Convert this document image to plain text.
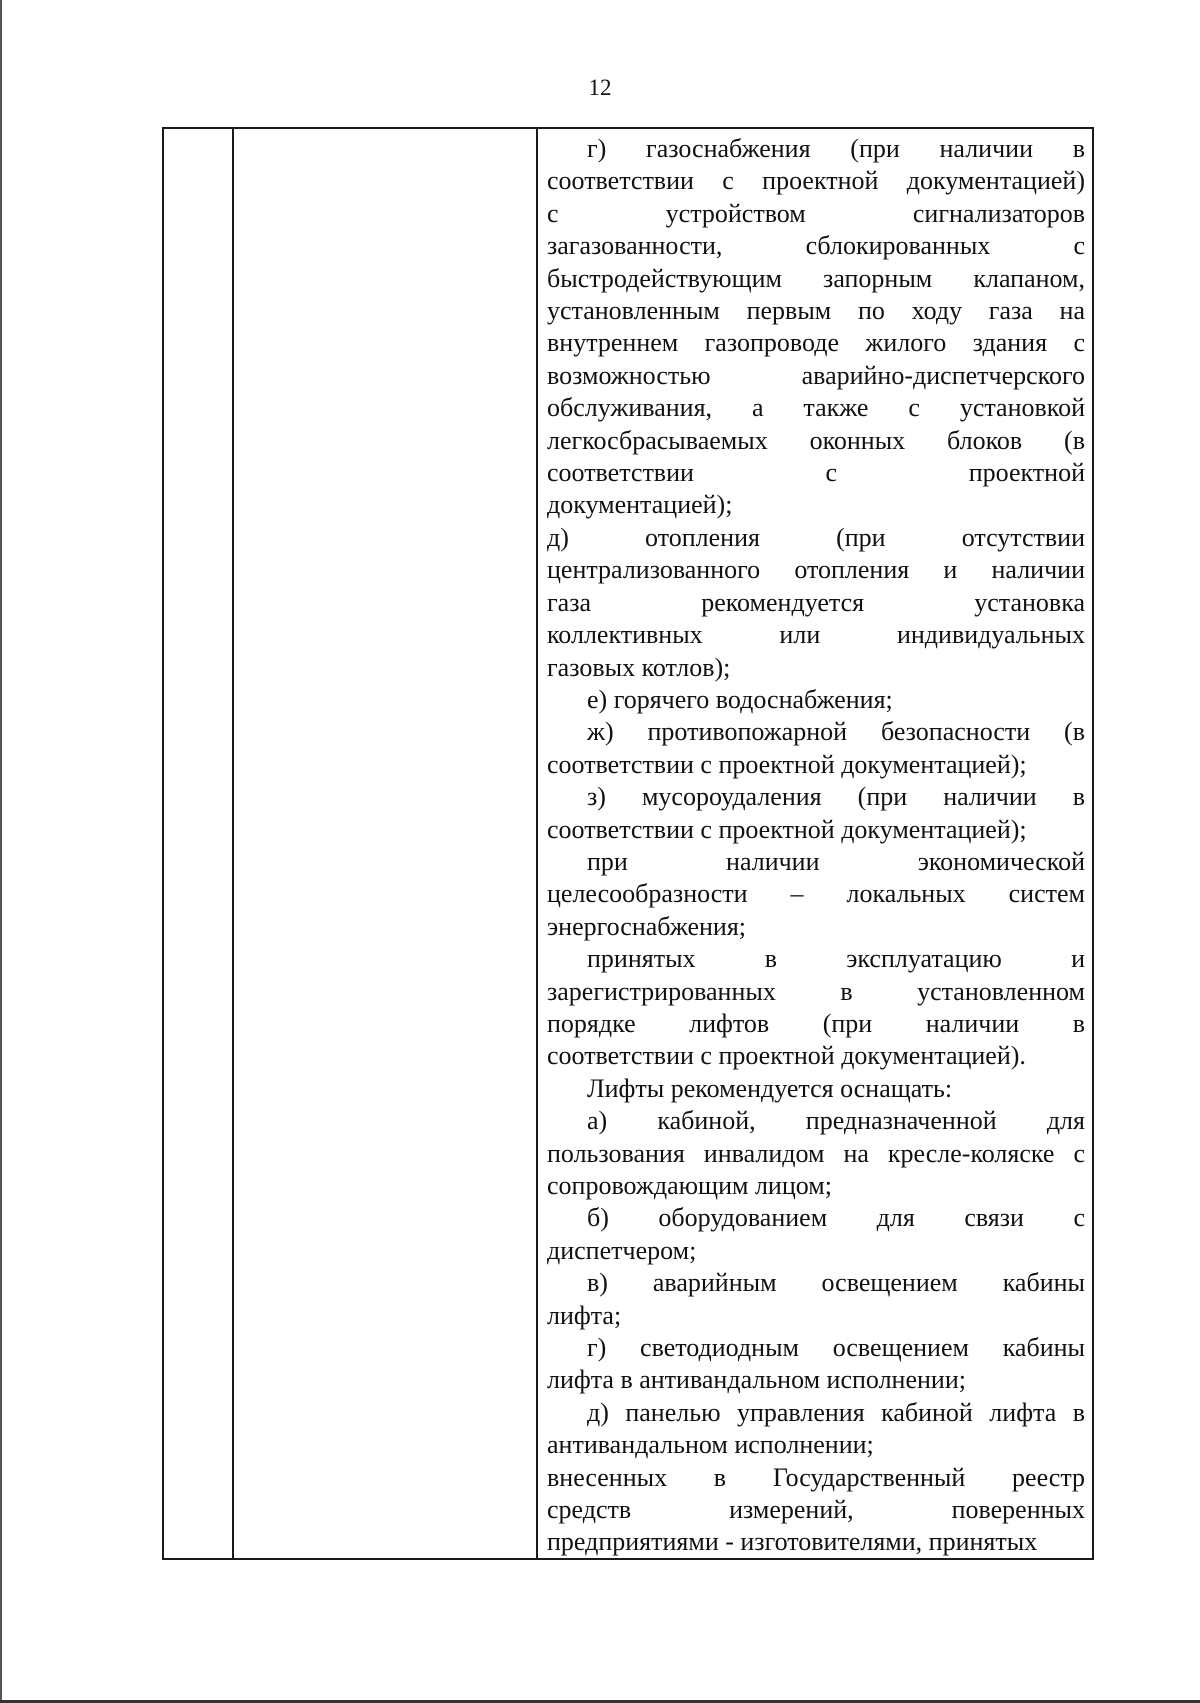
12

г) газоснабжения (при наличии в

соответствии с проектной документацией)

с устройством сигнализаторов

загазованности, сблокированных с

быстродействующим запорным клапаном,

установленным первым по ходу газа на

внутреннем газопроводе жилого здания с

возможностью аварийно-диспетчерского

обслуживания, а также с установкой

легкосбрасываемых оконных блоков (в

соответствии с проектной

документацией);

д) отопления (при отсутствии

централизованного отопления и наличии

газа рекомендуется установка

коллективных или индивидуальных

газовых котлов);

е) горячего водоснабжения;

ж) противопожарной безопасности (в

соответствии с проектной документацией);

з) мусороудаления (при наличии в

соответствии с проектной документацией);

при наличии экономической

целесообразности – локальных систем

энергоснабжения;

принятых в эксплуатацию и

зарегистрированных в установленном

порядке лифтов (при наличии в

соответствии с проектной документацией).

Лифты рекомендуется оснащать:

а) кабиной, предназначенной для

пользования инвалидом на кресле-коляске с

сопровождающим лицом;

б) оборудованием для связи с

диспетчером;

в) аварийным освещением кабины

лифта;

г) светодиодным освещением кабины

лифта в антивандальном исполнении;

д) панелью управления кабиной лифта в

антивандальном исполнении;

внесенных в Государственный реестр

средств измерений, поверенных

предприятиями - изготовителями, принятых
